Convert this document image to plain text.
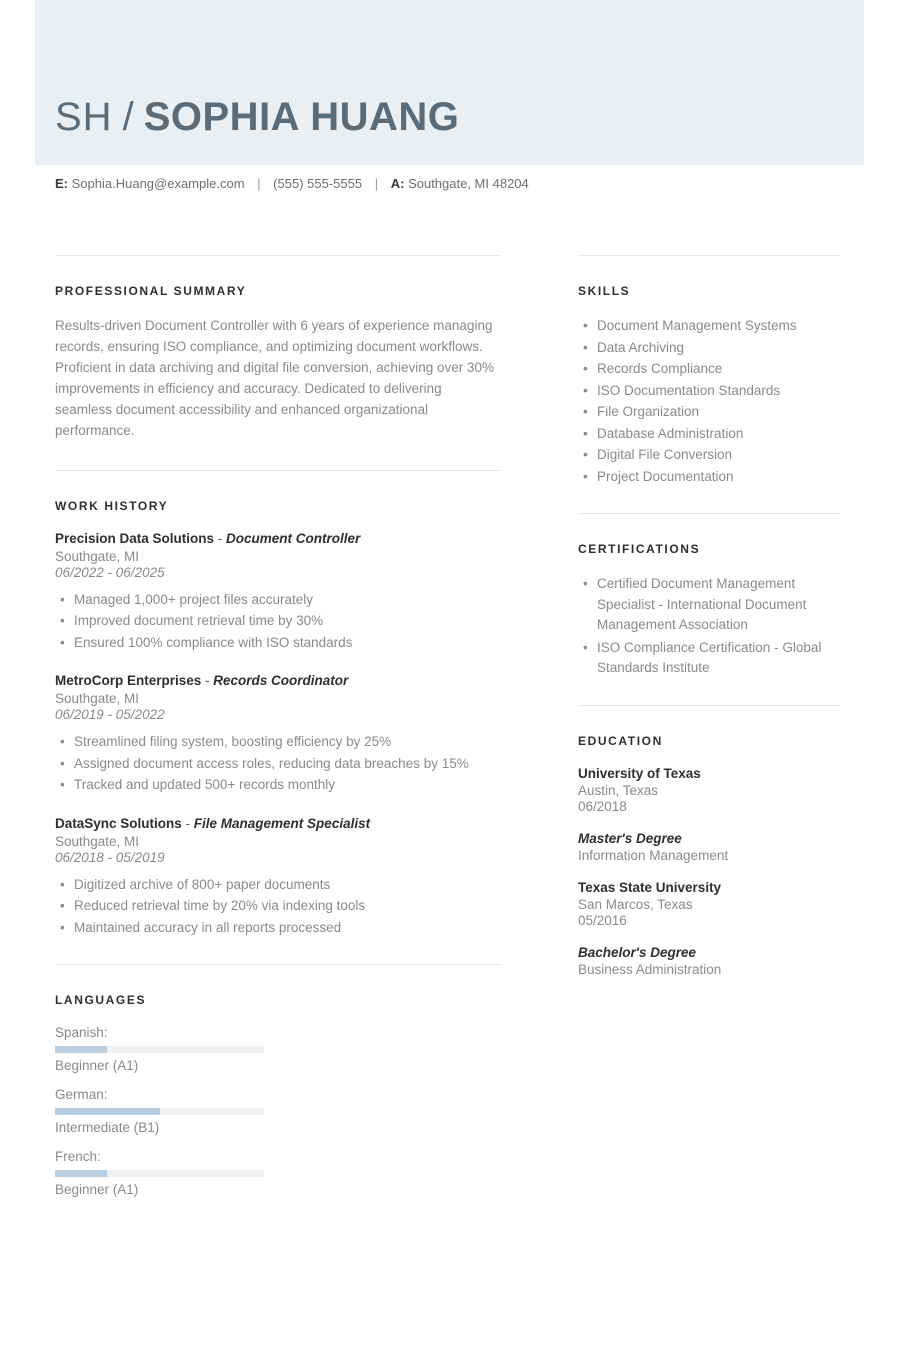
SH / SOPHIA HUANG
E: Sophia.Huang@example.com | (555) 555-5555 | A: Southgate, MI 48204
PROFESSIONAL SUMMARY
Results-driven Document Controller with 6 years of experience managing records, ensuring ISO compliance, and optimizing document workflows. Proficient in data archiving and digital file conversion, achieving over 30% improvements in efficiency and accuracy. Dedicated to delivering seamless document accessibility and enhanced organizational performance.
WORK HISTORY
Precision Data Solutions - Document Controller
Southgate, MI
06/2022 - 06/2025
• Managed 1,000+ project files accurately
• Improved document retrieval time by 30%
• Ensured 100% compliance with ISO standards
MetroCorp Enterprises - Records Coordinator
Southgate, MI
06/2019 - 05/2022
• Streamlined filing system, boosting efficiency by 25%
• Assigned document access roles, reducing data breaches by 15%
• Tracked and updated 500+ records monthly
DataSync Solutions - File Management Specialist
Southgate, MI
06/2018 - 05/2019
• Digitized archive of 800+ paper documents
• Reduced retrieval time by 20% via indexing tools
• Maintained accuracy in all reports processed
LANGUAGES
Spanish:
Beginner (A1)
German:
Intermediate (B1)
French:
Beginner (A1)
SKILLS
• Document Management Systems
• Data Archiving
• Records Compliance
• ISO Documentation Standards
• File Organization
• Database Administration
• Digital File Conversion
• Project Documentation
CERTIFICATIONS
• Certified Document Management Specialist - International Document Management Association
• ISO Compliance Certification - Global Standards Institute
EDUCATION
University of Texas
Austin, Texas
06/2018
Master's Degree
Information Management
Texas State University
San Marcos, Texas
05/2016
Bachelor's Degree
Business Administration
